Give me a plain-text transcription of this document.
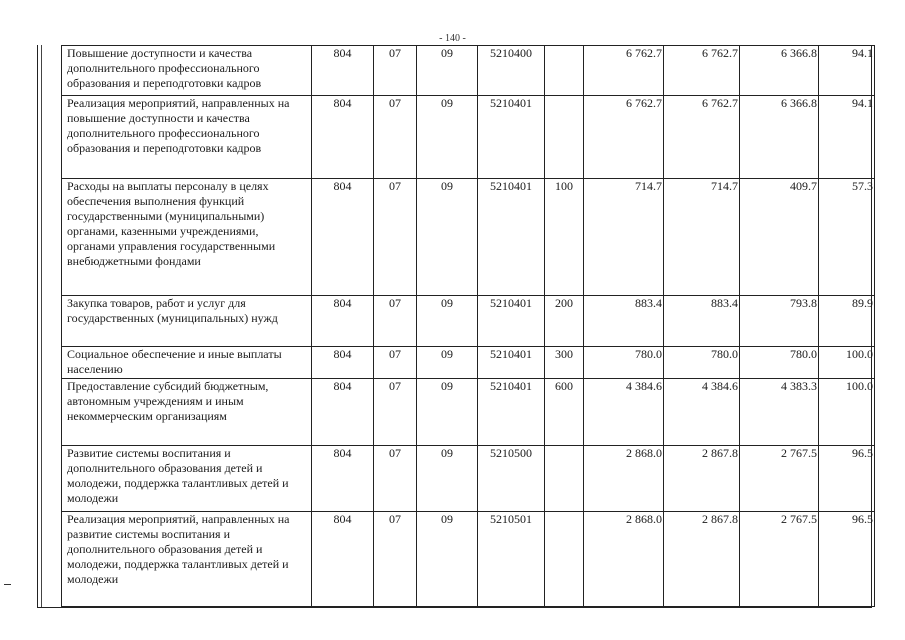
- 140 -
Повышение доступности и качества дополнительного профессионального образования и переподготовки кадров	804	07	09	5210400		6 762.7	6 762.7	6 366.8	94.1
Реализация мероприятий, направленных на повышение доступности и качества дополнительного профессионального образования и переподготовки кадров	804	07	09	5210401		6 762.7	6 762.7	6 366.8	94.1
Расходы на выплаты персоналу в целях обеспечения выполнения функций государственными (муниципальными) органами, казенными учреждениями, органами управления государственными внебюджетными фондами	804	07	09	5210401	100	714.7	714.7	409.7	57.3
Закупка товаров, работ и услуг для государственных (муниципальных) нужд	804	07	09	5210401	200	883.4	883.4	793.8	89.9
Социальное обеспечение и иные выплаты населению	804	07	09	5210401	300	780.0	780.0	780.0	100.0
Предоставление субсидий бюджетным, автономным учреждениям и иным некоммерческим организациям	804	07	09	5210401	600	4 384.6	4 384.6	4 383.3	100.0
Развитие системы воспитания и дополнительного образования детей и молодежи, поддержка талантливых детей и молодежи	804	07	09	5210500		2 868.0	2 867.8	2 767.5	96.5
Реализация мероприятий, направленных на развитие системы воспитания и дополнительного образования детей и молодежи, поддержка талантливых детей и молодежи	804	07	09	5210501		2 868.0	2 867.8	2 767.5	96.5
